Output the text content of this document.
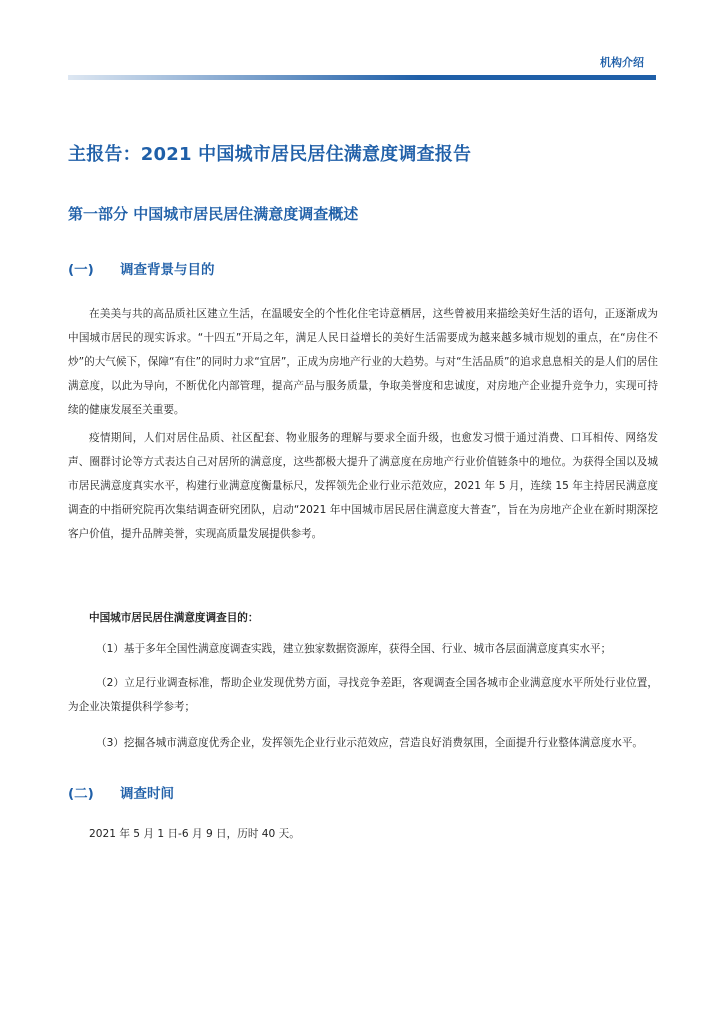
机构介绍
主报告：2021 中国城市居民居住满意度调查报告
第一部分 中国城市居民居住满意度调查概述
(一) 调查背景与目的

在美美与共的高品质社区建立生活，在温暖安全的个性化住宅诗意栖居，这些曾被用来描绘美好生活的语句，正逐渐成为中国城市居民的现实诉求。“十四五”开局之年，满足人民日益增长的美好生活需要成为越来越多城市规划的重点，在“房住不炒”的大气候下，保障“有住”的同时力求“宜居”，正成为房地产行业的大趋势。与对“生活品质”的追求息息相关的是人们的居住满意度，以此为导向，不断优化内部管理，提高产品与服务质量，争取美誉度和忠诚度，对房地产企业提升竞争力，实现可持续的健康发展至关重要。

疫情期间，人们对居住品质、社区配套、物业服务的理解与要求全面升级，也愈发习惯于通过消费、口耳相传、网络发声、圈群讨论等方式表达自己对居所的满意度，这些都极大提升了满意度在房地产行业价值链条中的地位。为获得全国以及城市居民满意度真实水平，构建行业满意度衡量标尺，发挥领先企业行业示范效应，2021 年 5 月，连续 15 年主持居民满意度调查的中指研究院再次集结调查研究团队，启动“2021 年中国城市居民居住满意度大普查”，旨在为房地产企业在新时期深挖客户价值，提升品牌美誉，实现高质量发展提供参考。

中国城市居民居住满意度调查目的：

（1）基于多年全国性满意度调查实践，建立独家数据资源库，获得全国、行业、城市各层面满意度真实水平；

（2）立足行业调查标准，帮助企业发现优势方面，寻找竞争差距，客观调查全国各城市企业满意度水平所处行业位置，为企业决策提供科学参考；

（3）挖掘各城市满意度优秀企业，发挥领先企业行业示范效应，营造良好消费氛围，全面提升行业整体满意度水平。

(二) 调查时间

2021 年 5 月 1 日-6 月 9 日，历时 40 天。
